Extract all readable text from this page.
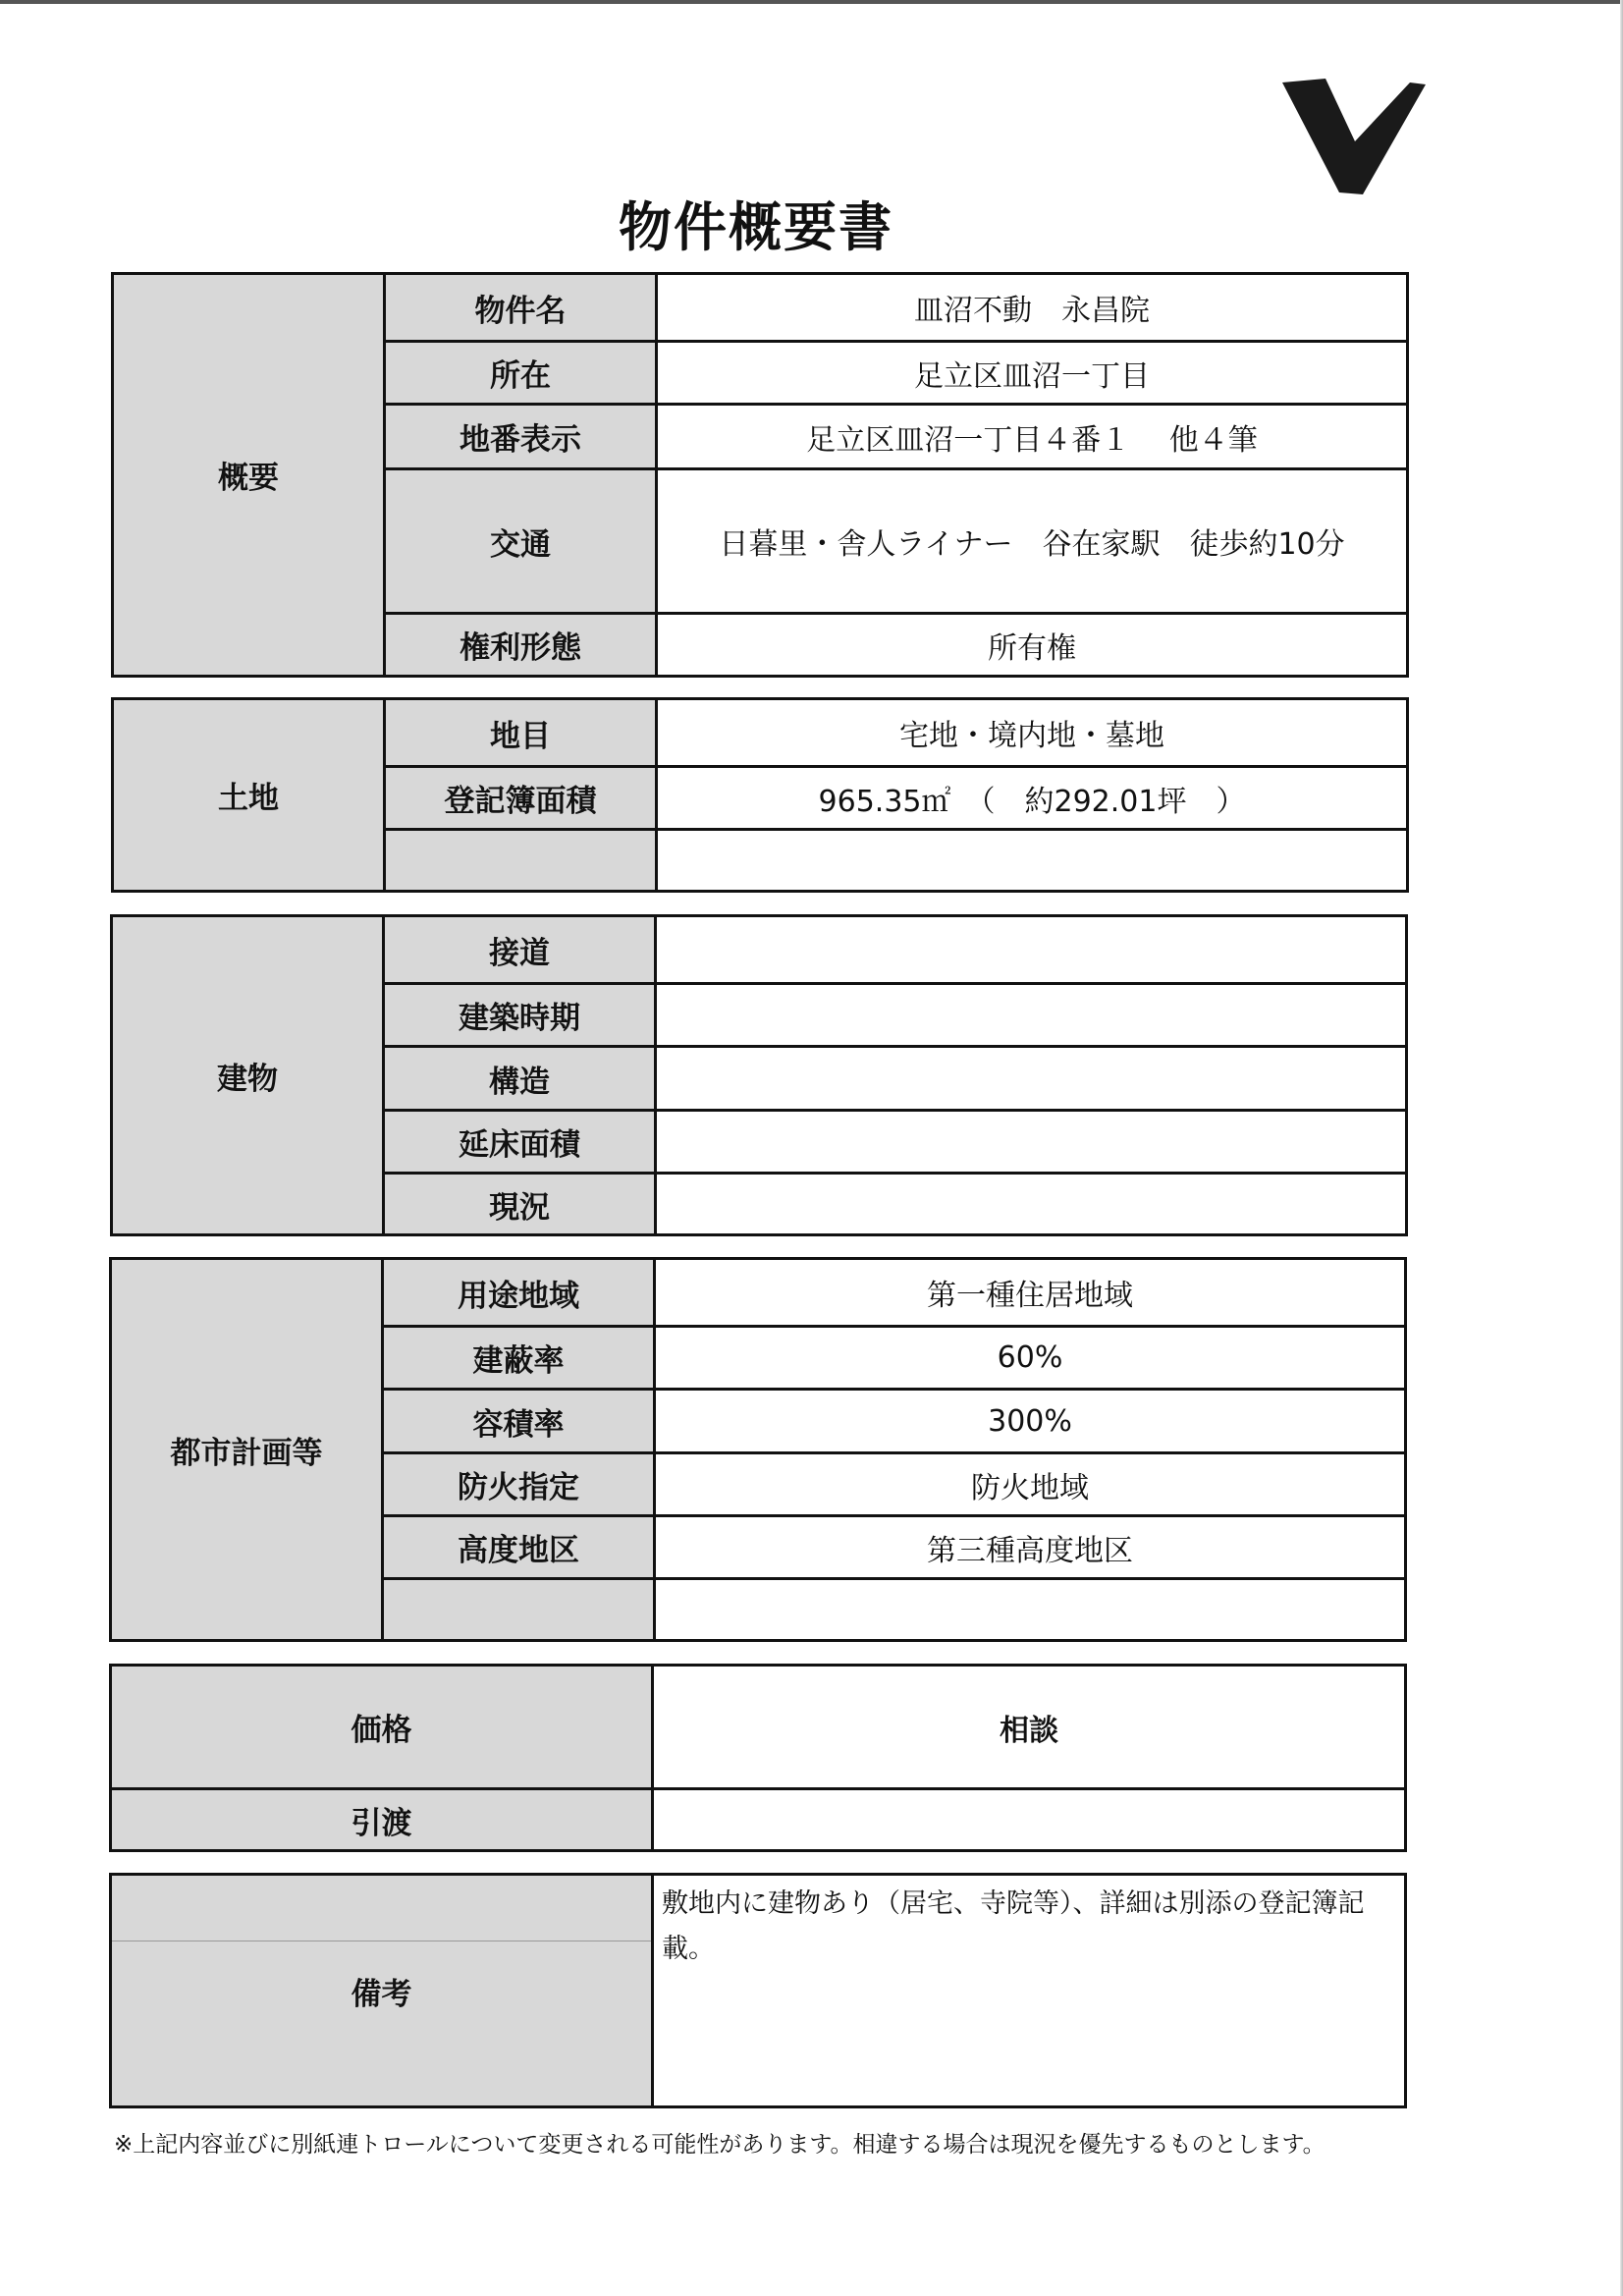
物件概要書
概要
物件名	皿沼不動　永昌院
所在	足立区皿沼一丁目
地番表示	足立区皿沼一丁目４番１　 他４筆
交通	日暮里・舎人ライナー　谷在家駅　徒歩約10分
権利形態	所有権
土地
地目	宅地・境内地・墓地
登記簿面積	965.35㎡　（　約292.01坪　）
建物
接道
建築時期
構造
延床面積
現況
都市計画等
用途地域	第一種住居地域
建蔽率	60%
容積率	300%
防火指定	防火地域
高度地区	第三種高度地区
価格	相談
引渡
備考
敷地内に建物あり（居宅、寺院等）、詳細は別添の登記簿記載。
※上記内容並びに別紙連トロールについて変更される可能性があります。相違する場合は現況を優先するものとします。
